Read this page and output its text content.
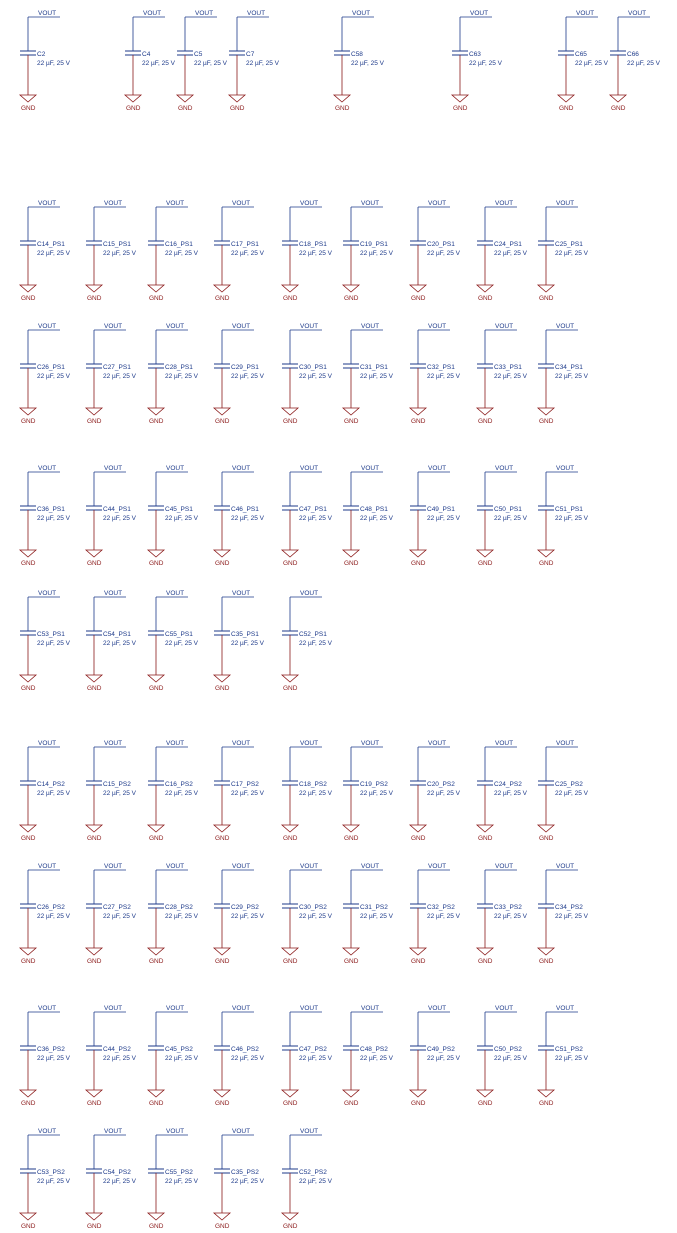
VOUT
C2
22 µF, 25 V
GND
VOUT
C4
22 µF, 25 V
GND
VOUT
C5
22 µF, 25 V
GND
VOUT
C7
22 µF, 25 V
GND
VOUT
C58
22 µF, 25 V
GND
VOUT
C63
22 µF, 25 V
GND
VOUT
C65
22 µF, 25 V
GND
VOUT
C66
22 µF, 25 V
GND
VOUT
C14_PS1
22 µF, 25 V
GND
VOUT
C15_PS1
22 µF, 25 V
GND
VOUT
C16_PS1
22 µF, 25 V
GND
VOUT
C17_PS1
22 µF, 25 V
GND
VOUT
C18_PS1
22 µF, 25 V
GND
VOUT
C19_PS1
22 µF, 25 V
GND
VOUT
C20_PS1
22 µF, 25 V
GND
VOUT
C24_PS1
22 µF, 25 V
GND
VOUT
C25_PS1
22 µF, 25 V
GND
VOUT
C26_PS1
22 µF, 25 V
GND
VOUT
C27_PS1
22 µF, 25 V
GND
VOUT
C28_PS1
22 µF, 25 V
GND
VOUT
C29_PS1
22 µF, 25 V
GND
VOUT
C30_PS1
22 µF, 25 V
GND
VOUT
C31_PS1
22 µF, 25 V
GND
VOUT
C32_PS1
22 µF, 25 V
GND
VOUT
C33_PS1
22 µF, 25 V
GND
VOUT
C34_PS1
22 µF, 25 V
GND
VOUT
C36_PS1
22 µF, 25 V
GND
VOUT
C44_PS1
22 µF, 25 V
GND
VOUT
C45_PS1
22 µF, 25 V
GND
VOUT
C46_PS1
22 µF, 25 V
GND
VOUT
C47_PS1
22 µF, 25 V
GND
VOUT
C48_PS1
22 µF, 25 V
GND
VOUT
C49_PS1
22 µF, 25 V
GND
VOUT
C50_PS1
22 µF, 25 V
GND
VOUT
C51_PS1
22 µF, 25 V
GND
VOUT
C53_PS1
22 µF, 25 V
GND
VOUT
C54_PS1
22 µF, 25 V
GND
VOUT
C55_PS1
22 µF, 25 V
GND
VOUT
C35_PS1
22 µF, 25 V
GND
VOUT
C52_PS1
22 µF, 25 V
GND
VOUT
C14_PS2
22 µF, 25 V
GND
VOUT
C15_PS2
22 µF, 25 V
GND
VOUT
C16_PS2
22 µF, 25 V
GND
VOUT
C17_PS2
22 µF, 25 V
GND
VOUT
C18_PS2
22 µF, 25 V
GND
VOUT
C19_PS2
22 µF, 25 V
GND
VOUT
C20_PS2
22 µF, 25 V
GND
VOUT
C24_PS2
22 µF, 25 V
GND
VOUT
C25_PS2
22 µF, 25 V
GND
VOUT
C26_PS2
22 µF, 25 V
GND
VOUT
C27_PS2
22 µF, 25 V
GND
VOUT
C28_PS2
22 µF, 25 V
GND
VOUT
C29_PS2
22 µF, 25 V
GND
VOUT
C30_PS2
22 µF, 25 V
GND
VOUT
C31_PS2
22 µF, 25 V
GND
VOUT
C32_PS2
22 µF, 25 V
GND
VOUT
C33_PS2
22 µF, 25 V
GND
VOUT
C34_PS2
22 µF, 25 V
GND
VOUT
C36_PS2
22 µF, 25 V
GND
VOUT
C44_PS2
22 µF, 25 V
GND
VOUT
C45_PS2
22 µF, 25 V
GND
VOUT
C46_PS2
22 µF, 25 V
GND
VOUT
C47_PS2
22 µF, 25 V
GND
VOUT
C48_PS2
22 µF, 25 V
GND
VOUT
C49_PS2
22 µF, 25 V
GND
VOUT
C50_PS2
22 µF, 25 V
GND
VOUT
C51_PS2
22 µF, 25 V
GND
VOUT
C53_PS2
22 µF, 25 V
GND
VOUT
C54_PS2
22 µF, 25 V
GND
VOUT
C55_PS2
22 µF, 25 V
GND
VOUT
C35_PS2
22 µF, 25 V
GND
VOUT
C52_PS2
22 µF, 25 V
GND
